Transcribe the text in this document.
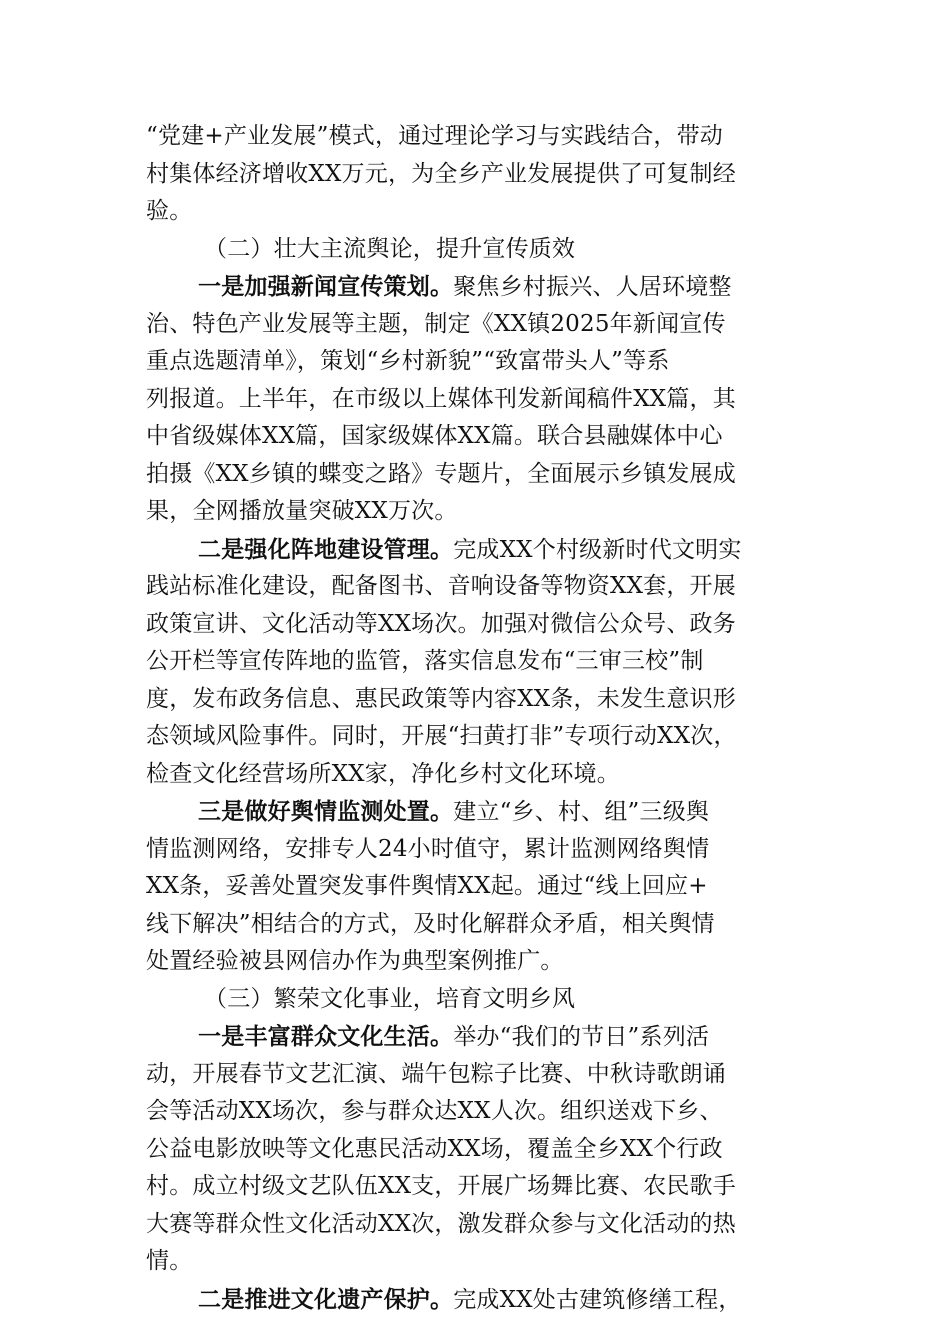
“党建+产业发展”模式，通过理论学习与实践结合，带动
村集体经济增收XX万元，为全乡产业发展提供了可复制经
验。
（二）壮大主流舆论，提升宣传质效
一是加强新闻宣传策划。聚焦乡村振兴、人居环境整
治、特色产业发展等主题，制定《XX镇2025年新闻宣传
重点选题清单》，策划“乡村新貌”“致富带头人”等系
列报道。上半年，在市级以上媒体刊发新闻稿件XX篇，其
中省级媒体XX篇，国家级媒体XX篇。联合县融媒体中心
拍摄《XX乡镇的蝶变之路》专题片，全面展示乡镇发展成
果，全网播放量突破XX万次。
二是强化阵地建设管理。完成XX个村级新时代文明实
践站标准化建设，配备图书、音响设备等物资XX套，开展
政策宣讲、文化活动等XX场次。加强对微信公众号、政务
公开栏等宣传阵地的监管，落实信息发布“三审三校”制
度，发布政务信息、惠民政策等内容XX条，未发生意识形
态领域风险事件。同时，开展“扫黄打非”专项行动XX次，
检查文化经营场所XX家，净化乡村文化环境。
三是做好舆情监测处置。建立“乡、村、组”三级舆
情监测网络，安排专人24小时值守，累计监测网络舆情
XX条，妥善处置突发事件舆情XX起。通过“线上回应+
线下解决”相结合的方式，及时化解群众矛盾，相关舆情
处置经验被县网信办作为典型案例推广。
（三）繁荣文化事业，培育文明乡风
一是丰富群众文化生活。举办“我们的节日”系列活
动，开展春节文艺汇演、端午包粽子比赛、中秋诗歌朗诵
会等活动XX场次，参与群众达XX人次。组织送戏下乡、
公益电影放映等文化惠民活动XX场，覆盖全乡XX个行政
村。成立村级文艺队伍XX支，开展广场舞比赛、农民歌手
大赛等群众性文化活动XX次，激发群众参与文化活动的热
情。
二是推进文化遗产保护。完成XX处古建筑修缮工程，
